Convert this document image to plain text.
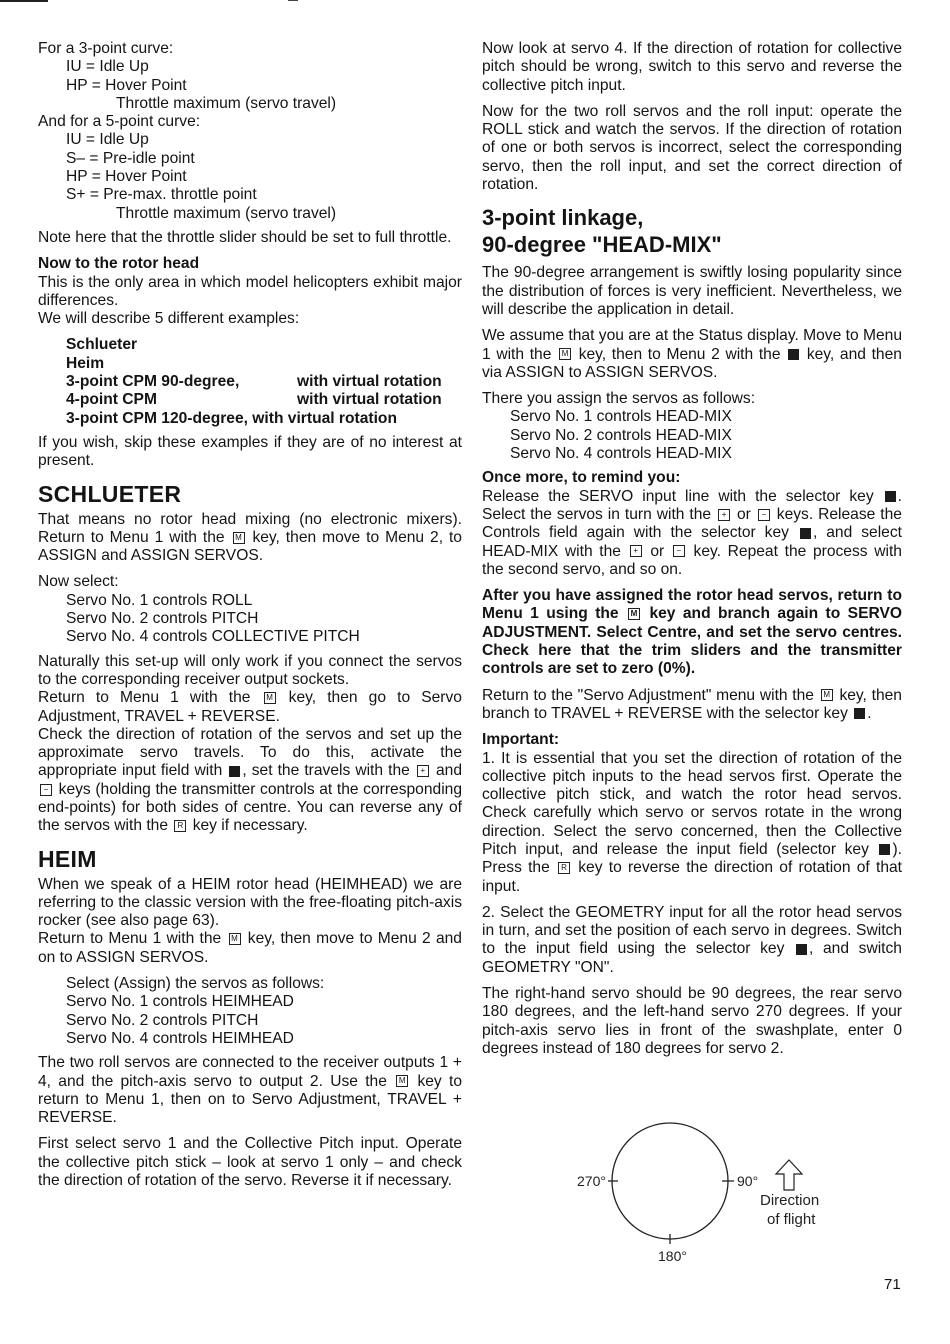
For a 3-point curve:
IU = Idle Up
HP = Hover Point
Throttle maximum (servo travel)
And for a 5-point curve:
IU = Idle Up
S– = Pre-idle point
HP = Hover Point
S+ = Pre-max. throttle point
Throttle maximum (servo travel)

Note here that the throttle slider should be set to full throttle.

Now to the rotor head
This is the only area in which model helicopters exhibit major differences.

We will describe 5 different examples:

Schlueter
Heim
3-point CPM 90-degree,	with virtual rotation
4-point CPM	with virtual rotation
3-point CPM 120-degree, with virtual rotation

If you wish, skip these examples if they are of no interest at present.

SCHLUETER

That means no rotor head mixing (no electronic mixers). Return to Menu 1 with the M key, then move to Menu 2, to ASSIGN and ASSIGN SERVOS.

Now select:
Servo No. 1 controls ROLL
Servo No. 2 controls PITCH
Servo No. 4 controls COLLECTIVE PITCH
Naturally this set-up will only work if you connect the servos to the corresponding receiver output sockets.
Return to Menu 1 with the M key, then go to Servo Adjustment, TRAVEL + REVERSE.
Check the direction of rotation of the servos and set up the approximate servo travels. To do this, activate the appropriate input field with , set the travels with the + and − keys (holding the transmitter controls at the corresponding end-points) for both sides of centre. You can reverse any of the servos with the R key if necessary.
HEIM
When we speak of a HEIM rotor head (HEIMHEAD) we are referring to the classic version with the free-floating pitch-axis rocker (see also page 63).

Return to Menu 1 with the M key, then move to Menu 2 and on to ASSIGN SERVOS.

Select (Assign) the servos as follows:
Servo No. 1 controls HEIMHEAD
Servo No. 2 controls PITCH
Servo No. 4 controls HEIMHEAD

The two roll servos are connected to the receiver outputs 1 + 4, and the pitch-axis servo to output 2. Use the M key to return to Menu 1, then on to Servo Adjustment, TRAVEL + REVERSE.

First select servo 1 and the Collective Pitch input. Operate the collective pitch stick – look at servo 1 only – and check the direction of rotation of the servo. Reverse it if necessary.

Now look at servo 4. If the direction of rotation for collective pitch should be wrong, switch to this servo and reverse the collective pitch input.

Now for the two roll servos and the roll input: operate the ROLL stick and watch the servos. If the direction of rotation of one or both servos is incorrect, select the corresponding servo, then the roll input, and set the correct direction of rotation.

3-point linkage,
90-degree "HEAD-MIX"

The 90-degree arrangement is swiftly losing popularity since the distribution of forces is very inefficient. Nevertheless, we will describe the application in detail.

We assume that you are at the Status display. Move to Menu 1 with the M key, then to Menu 2 with the key, and then via ASSIGN to ASSIGN SERVOS.

There you assign the servos as follows:
Servo No. 1 controls HEAD-MIX
Servo No. 2 controls HEAD-MIX
Servo No. 4 controls HEAD-MIX
Once more, to remind you:

Release the SERVO input line with the selector key . Select the servos in turn with the + or − keys. Release the Controls field again with the selector key , and select HEAD-MIX with the + or − key. Repeat the process with the second servo, and so on.

After you have assigned the rotor head servos, return to Menu 1 using the M key and branch again to SERVO ADJUSTMENT. Select Centre, and set the servo centres. Check here that the trim sliders and the transmitter controls are set to zero (0%).

Return to the "Servo Adjustment" menu with the M key, then branch to TRAVEL + REVERSE with the selector key .

Important:

1. It is essential that you set the direction of rotation of the collective pitch inputs to the head servos first. Operate the collective pitch stick, and watch the rotor head servos. Check carefully which servo or servos rotate in the wrong direction. Select the servo concerned, then the Collective Pitch input, and release the input field (selector key ). Press the R key to reverse the direction of rotation of that input.

2. Select the GEOMETRY input for all the rotor head servos in turn, and set the position of each servo in degrees. Switch to the input field using the selector key , and switch GEOMETRY "ON".

The right-hand servo should be 90 degrees, the rear servo 180 degrees, and the left-hand servo 270 degrees. If your pitch-axis servo lies in front of the swashplate, enter 0 degrees instead of 180 degrees for servo 2.

270°	90°
180°
Direction
of flight
71
